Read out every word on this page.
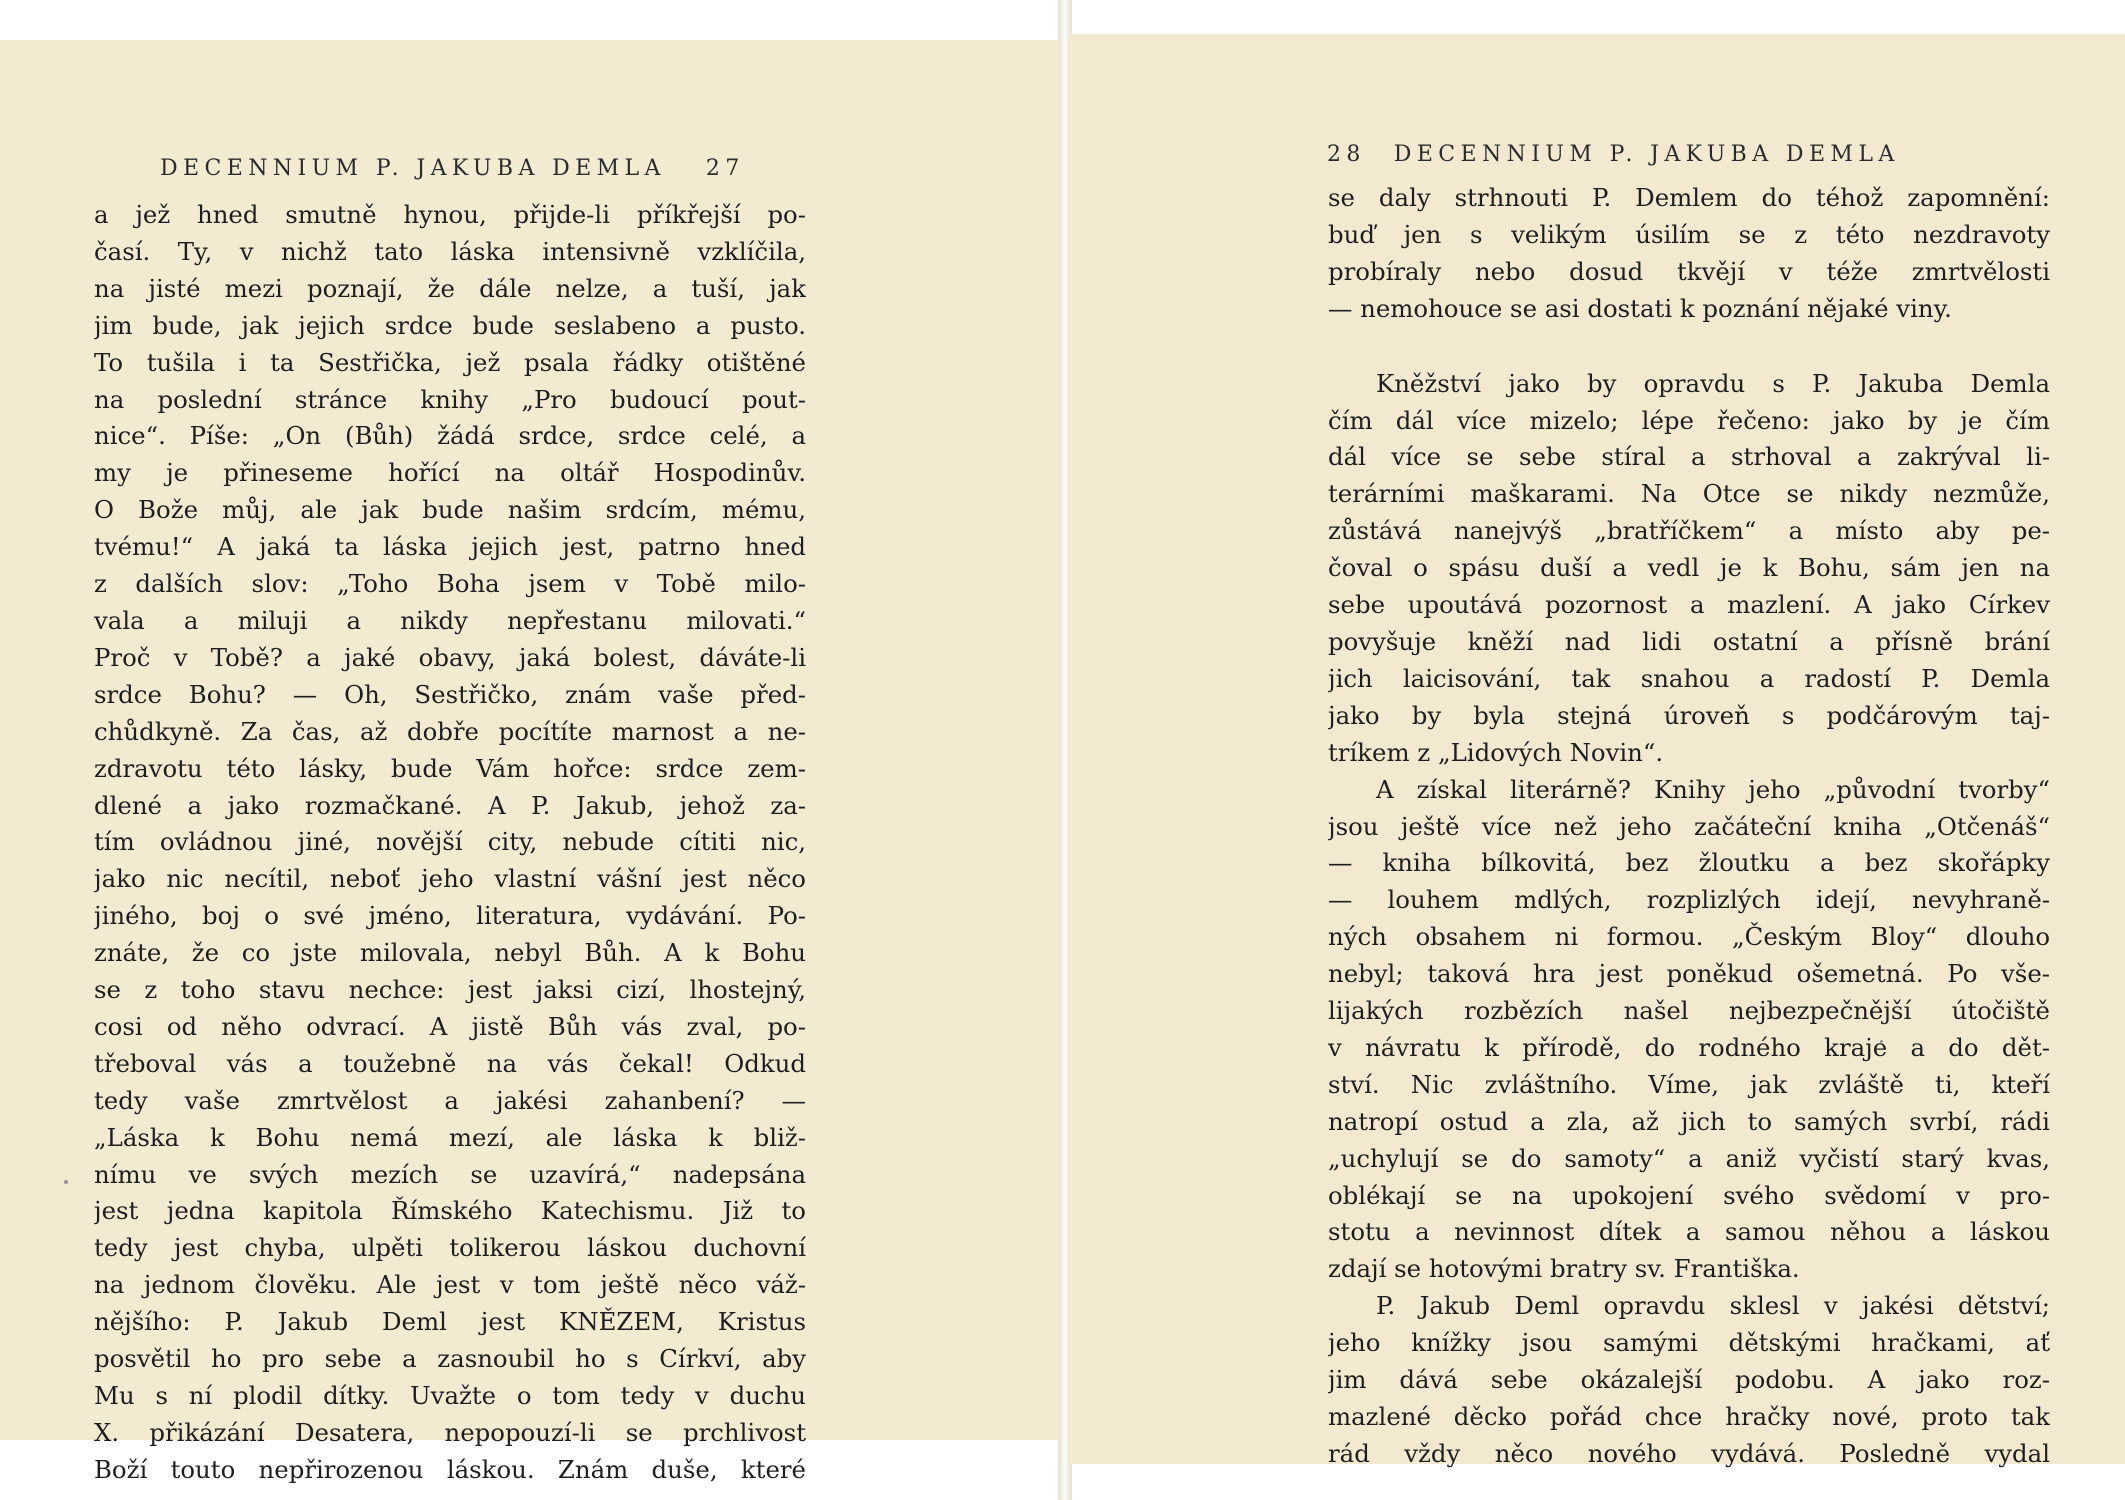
DECENNIUM P. JAKUBA DEMLA 27
28 DECENNIUM P. JAKUBA DEMLA
a jež hned smutně hynou, přijde-li příkřejší po-
časí. Ty, v nichž tato láska intensivně vzklíčila,
na jisté mezi poznají, že dále nelze, a tuší, jak
jim bude, jak jejich srdce bude seslabeno a pusto.
To tušila i ta Sestřička, jež psala řádky otištěné
na poslední stránce knihy „Pro budoucí pout-
nice“. Píše: „On (Bůh) žádá srdce, srdce celé, a
my je přineseme hořící na oltář Hospodinův.
O Bože můj, ale jak bude našim srdcím, mému,
tvému!“ A jaká ta láska jejich jest, patrno hned
z dalších slov: „Toho Boha jsem v Tobě milo-
vala a miluji a nikdy nepřestanu milovati.“
Proč v Tobě? a jaké obavy, jaká bolest, dáváte-li
srdce Bohu? — Oh, Sestřičko, znám vaše před-
chůdkyně. Za čas, až dobře pocítíte marnost a ne-
zdravotu této lásky, bude Vám hořce: srdce zem-
dlené a jako rozmačkané. A P. Jakub, jehož za-
tím ovládnou jiné, novější city, nebude cítiti nic,
jako nic necítil, neboť jeho vlastní vášní jest něco
jiného, boj o své jméno, literatura, vydávání. Po-
znáte, že co jste milovala, nebyl Bůh. A k Bohu
se z toho stavu nechce: jest jaksi cizí, lhostejný,
cosi od něho odvrací. A jistě Bůh vás zval, po-
třeboval vás a toužebně na vás čekal! Odkud
tedy vaše zmrtvělost a jakési zahanbení? —
„Láska k Bohu nemá mezí, ale láska k bliž-
nímu ve svých mezích se uzavírá,“ nadepsána
jest jedna kapitola Římského Katechismu. Již to
tedy jest chyba, ulpěti tolikerou láskou duchovní
na jednom člověku. Ale jest v tom ještě něco váž-
nějšího: P. Jakub Deml jest KNĚZEM, Kristus
posvětil ho pro sebe a zasnoubil ho s Církví, aby
Mu s ní plodil dítky. Uvažte o tom tedy v duchu
X. přikázání Desatera, nepopouzí-li se prchlivost
Boží touto nepřirozenou láskou. Znám duše, které
se daly strhnouti P. Demlem do téhož zapomnění:
buď jen s velikým úsilím se z této nezdravoty
probíraly nebo dosud tkvějí v téže zmrtvělosti
— nemohouce se asi dostati k poznání nějaké viny.
Kněžství jako by opravdu s P. Jakuba Demla
čím dál více mizelo; lépe řečeno: jako by je čím
dál více se sebe stíral a strhoval a zakrýval li-
terárními maškarami. Na Otce se nikdy nezmůže,
zůstává nanejvýš „bratříčkem“ a místo aby pe-
čoval o spásu duší a vedl je k Bohu, sám jen na
sebe upoutává pozornost a mazlení. A jako Církev
povyšuje kněží nad lidi ostatní a přísně brání
jich laicisování, tak snahou a radostí P. Demla
jako by byla stejná úroveň s podčárovým taj-
tríkem z „Lidových Novin“.
A získal literárně? Knihy jeho „původní tvorby“
jsou ještě více než jeho začáteční kniha „Otčenáš“
— kniha bílkovitá, bez žloutku a bez skořápky
— louhem mdlých, rozplizlých idejí, nevyhraně-
ných obsahem ni formou. „Českým Bloy“ dlouho
nebyl; taková hra jest poněkud ošemetná. Po vše-
lijakých rozbězích našel nejbezpečnější útočiště
v návratu k přírodě, do rodného kraje a do dět-
ství. Nic zvláštního. Víme, jak zvláště ti, kteří
natropí ostud a zla, až jich to samých svrbí, rádi
„uchylují se do samoty“ a aniž vyčistí starý kvas,
oblékají se na upokojení svého svědomí v pro-
stotu a nevinnost dítek a samou něhou a láskou
zdají se hotovými bratry sv. Františka.
P. Jakub Deml opravdu sklesl v jakési dětství;
jeho knížky jsou samými dětskými hračkami, ať
jim dává sebe okázalejší podobu. A jako roz-
mazlené děcko pořád chce hračky nové, proto tak
rád vždy něco nového vydává. Posledně vydal
